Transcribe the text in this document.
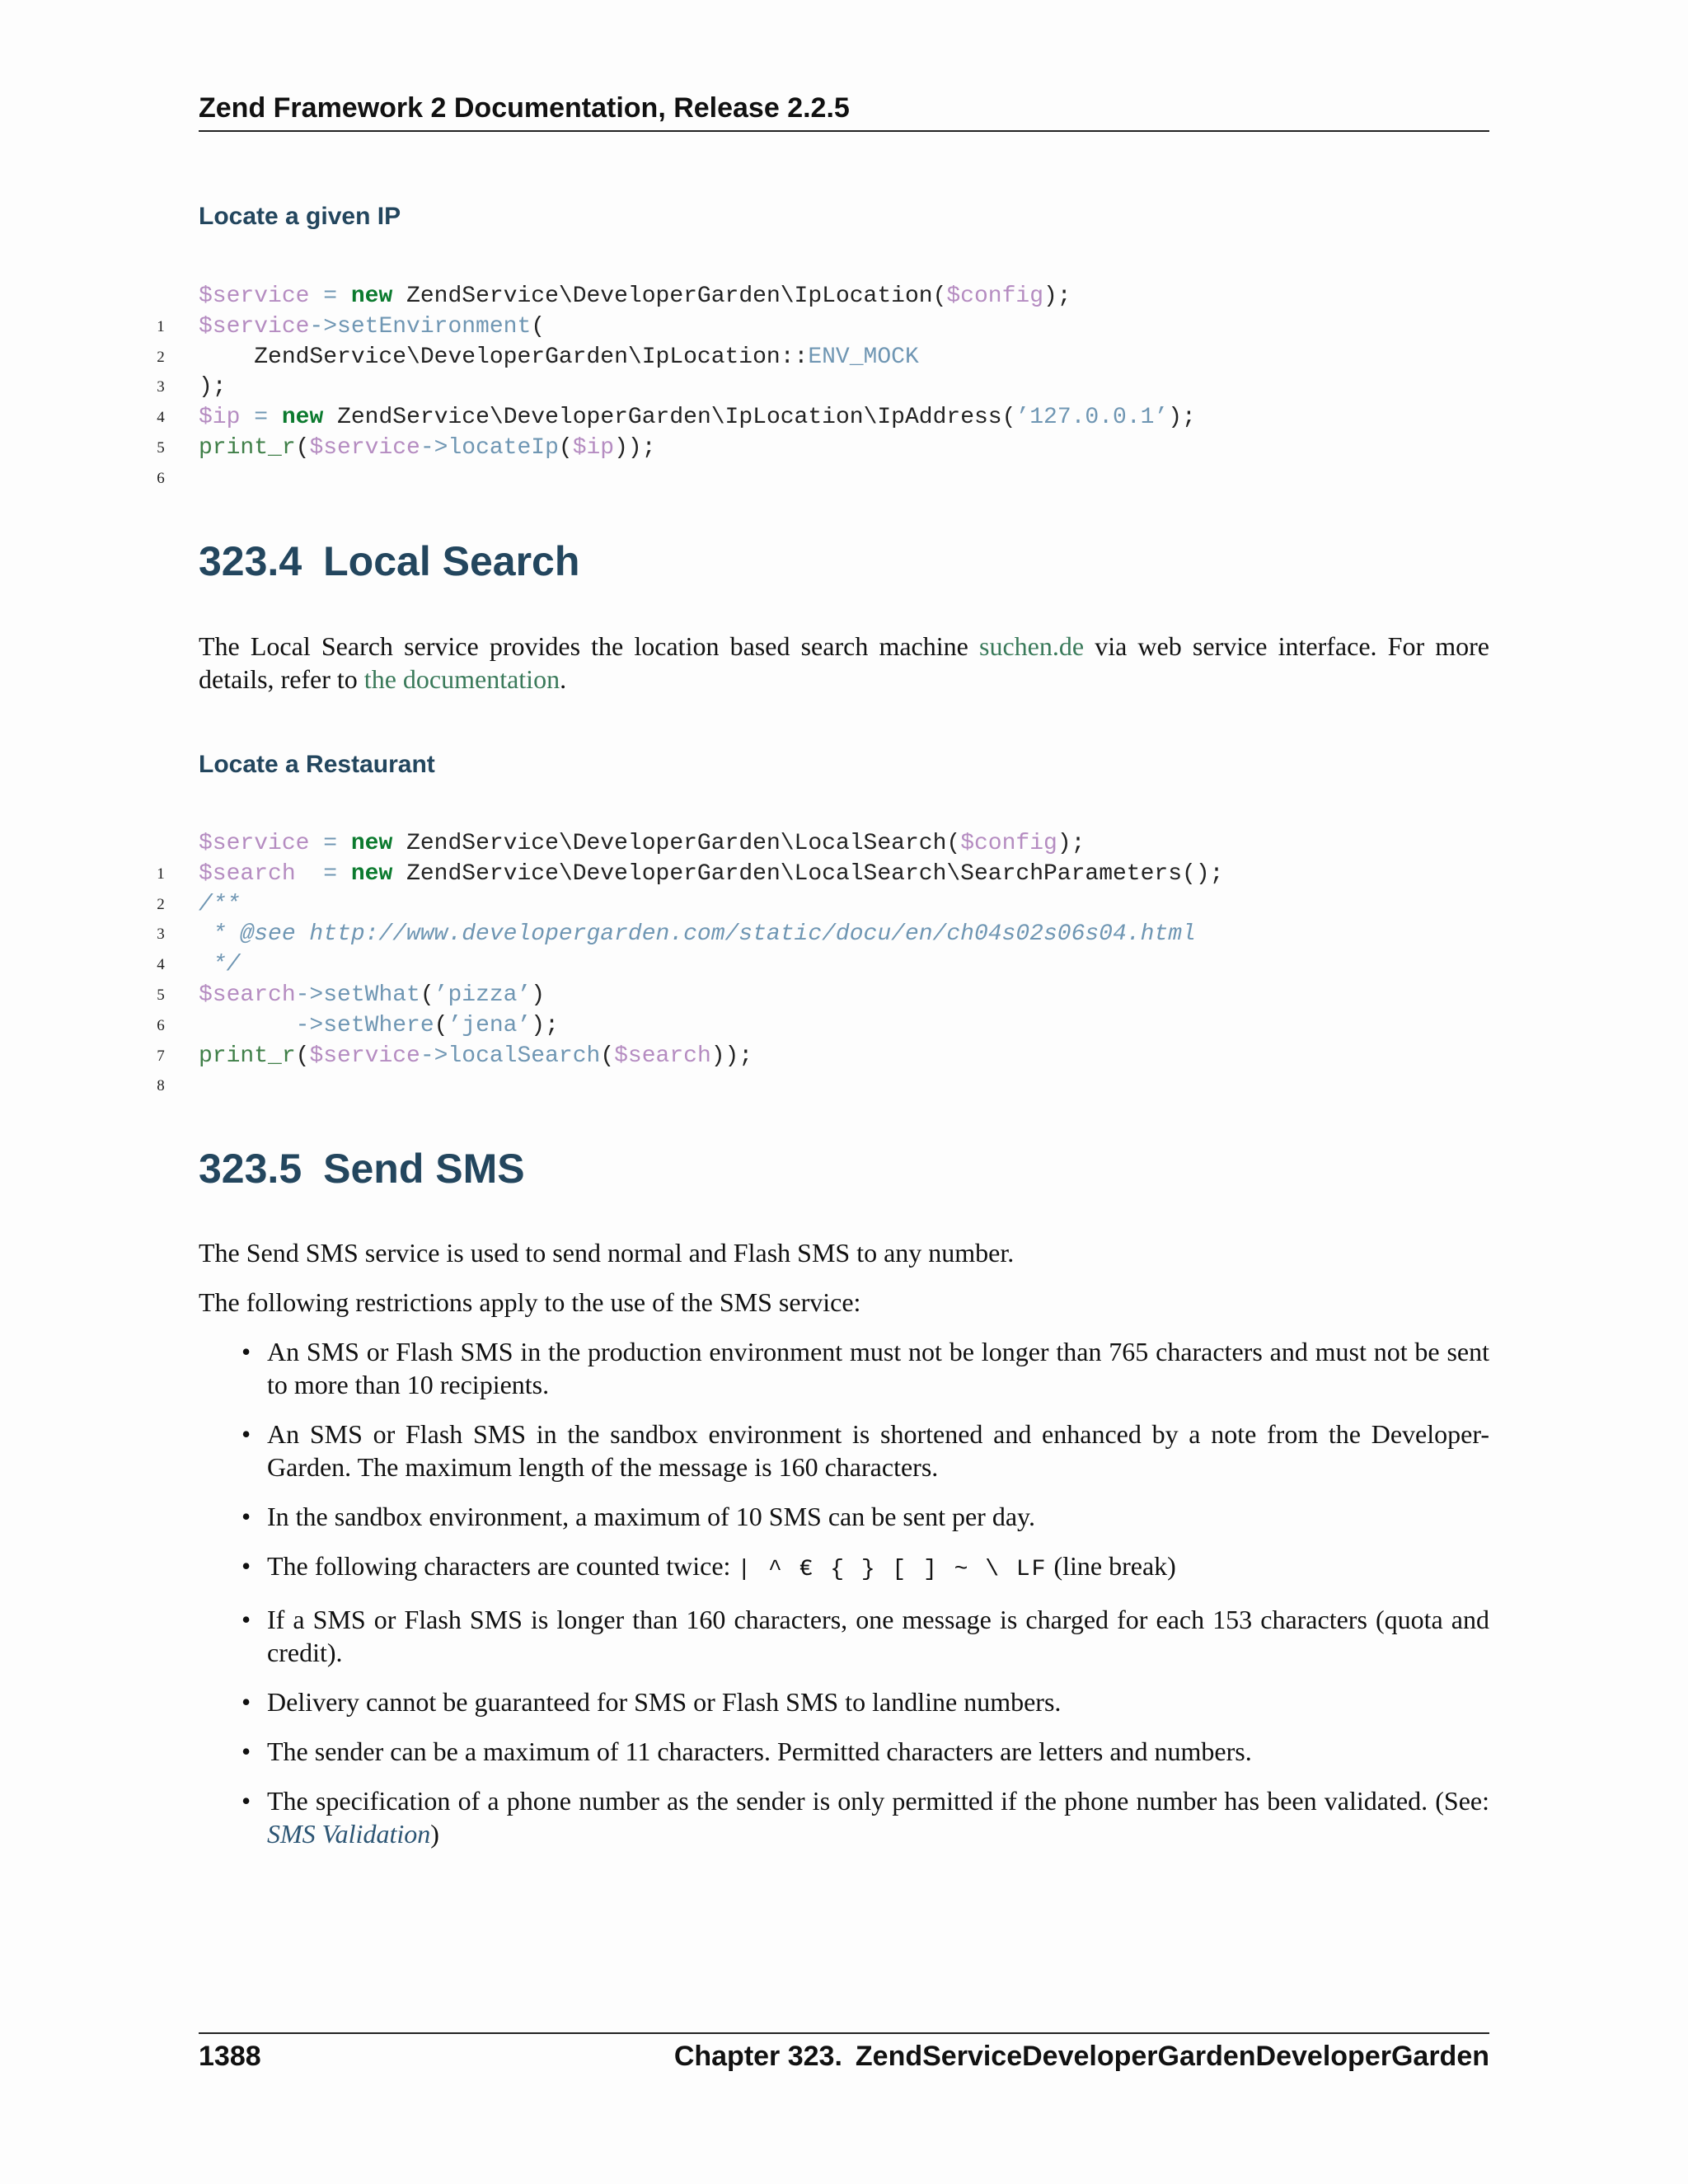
Zend Framework 2 Documentation, Release 2.2.5
Locate a given IP

1

$service = new ZendService\DeveloperGarden\IpLocation($config);

2

$service->setEnvironment(

3

ZendService\DeveloperGarden\IpLocation::ENV_MOCK

4

);

5

$ip = new ZendService\DeveloperGarden\IpLocation\IpAddress(’127.0.0.1’);

6

print_r($service->locateIp($ip));

323.4 Local Search

The Local Search service provides the location based search machine suchen.de via web service interface. For more details, refer to the documentation.

Locate a Restaurant

1

$service = new ZendService\DeveloperGarden\LocalSearch($config);

2

$search  = new ZendService\DeveloperGarden\LocalSearch\SearchParameters();

3

/**

4

* @see http://www.developergarden.com/static/docu/en/ch04s02s06s04.html

5

*/

6

$search->setWhat(’pizza’)

7

->setWhere(’jena’);

8

print_r($service->localSearch($search));

323.5 Send SMS

The Send SMS service is used to send normal and Flash SMS to any number.

The following restrictions apply to the use of the SMS service:

• An SMS or Flash SMS in the production environment must not be longer than 765 characters and must not be sent to more than 10 recipients.
• An SMS or Flash SMS in the sandbox environment is shortened and enhanced by a note from the Developer-Garden. The maximum length of the message is 160 characters.
• In the sandbox environment, a maximum of 10 SMS can be sent per day.
• The following characters are counted twice: | ^ € { } [ ] ~ \ LF (line break)
• If a SMS or Flash SMS is longer than 160 characters, one message is charged for each 153 characters (quota and credit).
• Delivery cannot be guaranteed for SMS or Flash SMS to landline numbers.
• The sender can be a maximum of 11 characters. Permitted characters are letters and numbers.
• The specification of a phone number as the sender is only permitted if the phone number has been validated. (See: SMS Validation)
1388	Chapter 323. ZendServiceDeveloperGardenDeveloperGarden
